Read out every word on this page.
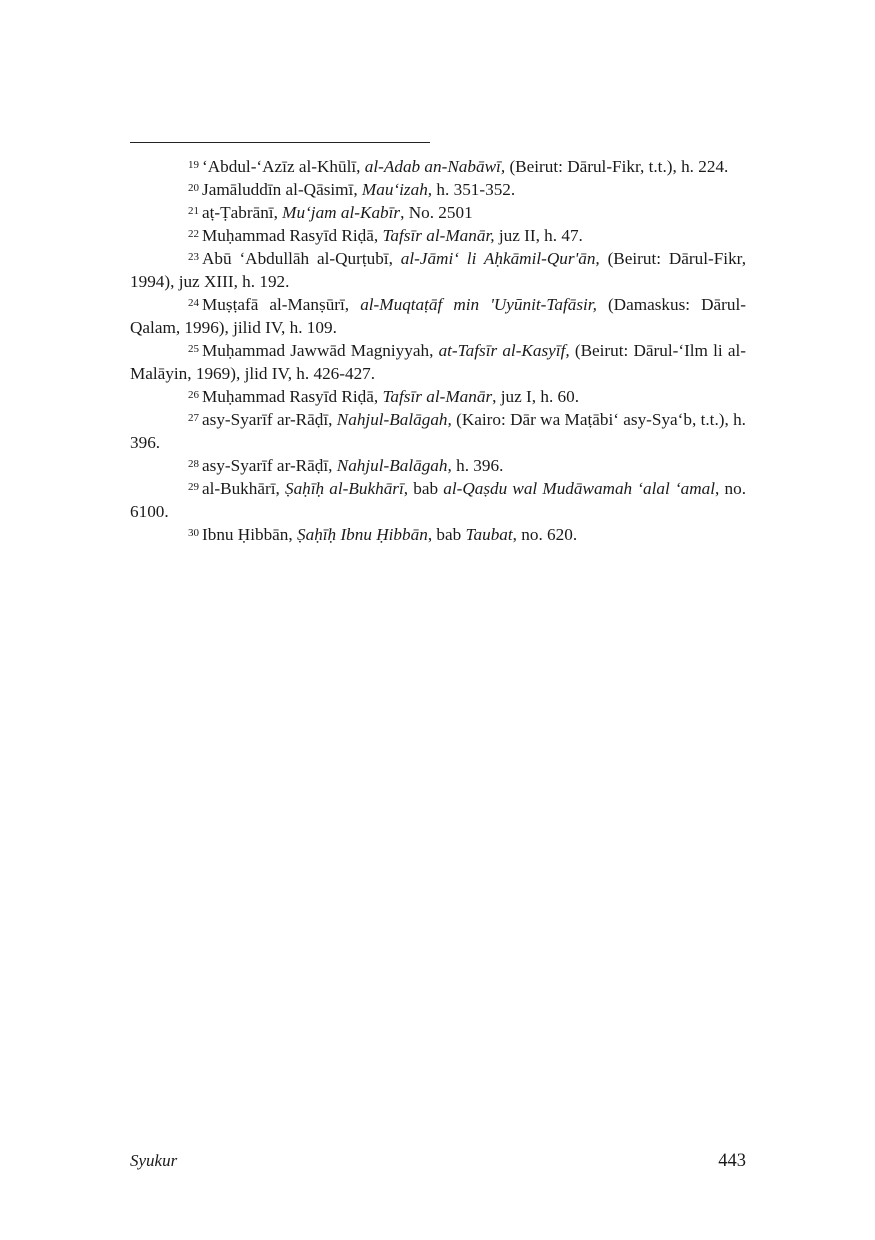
$^{19}$ ‘Abdul-‘Azīz al-Khūlī, al-Adab an-Nabāwī, (Beirut: Dārul-Fikr, t.t.), h. 224.

$^{20}$ Jamāluddīn al-Qāsimī, Mau‘izah, h. 351-352.

$^{21}$ aṭ-Ṭabrānī, Mu‘jam al-Kabīr, No. 2501

$^{22}$ Muḥammad Rasyīd Riḍā, Tafsīr al-Manār, juz II, h. 47.

$^{23}$ Abū ‘Abdullāh al-Qurṭubī, al-Jāmi‘ li Aḥkāmil-Qur'ān, (Beirut: Dārul-Fikr, 1994), juz XIII, h. 192.

$^{24}$ Muṣṭafā al-Manṣūrī, al-Muqtaṭāf min 'Uyūnit-Tafāsir, (Damaskus: Dārul-Qalam, 1996), jilid IV, h. 109.

$^{25}$ Muḥammad Jawwād Magniyyah, at-Tafsīr al-Kasyīf, (Beirut: Dārul-‘Ilm li al-Malāyin, 1969), jlid IV, h. 426-427.

$^{26}$ Muḥammad Rasyīd Riḍā, Tafsīr al-Manār, juz I, h. 60.

$^{27}$ asy-Syarīf ar-Rāḍī, Nahjul-Balāgah, (Kairo: Dār wa Maṭābi‘ asy-Sya‘b, t.t.), h. 396.

$^{28}$ asy-Syarīf ar-Rāḍī, Nahjul-Balāgah, h. 396.

$^{29}$ al-Bukhārī, Ṣaḥīḥ al-Bukhārī, bab al-Qaṣdu wal Mudāwamah ‘alal ‘amal, no. 6100.

$^{30}$ Ibnu Ḥibbān, Ṣaḥīḥ Ibnu Ḥibbān, bab Taubat, no. 620.

Syukur	443
